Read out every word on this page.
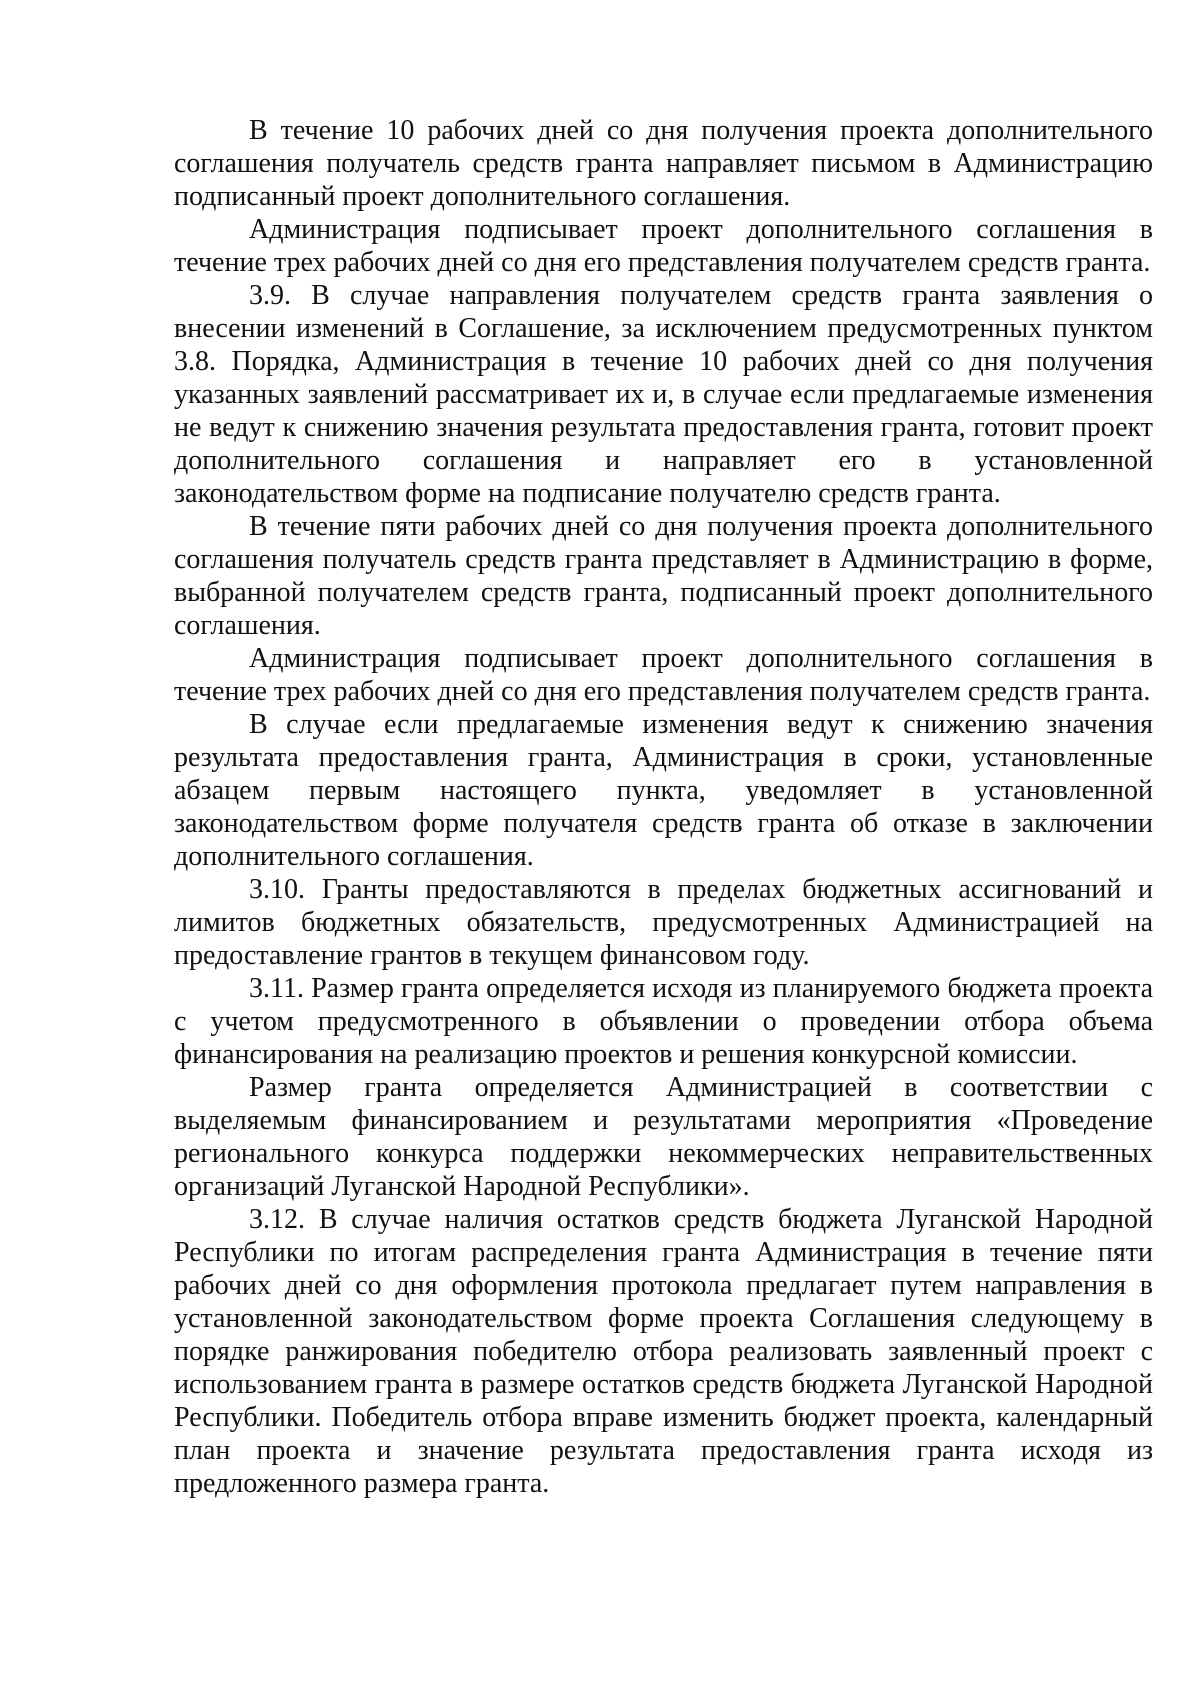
В течение 10 рабочих дней со дня получения проекта дополнительного соглашения получатель средств гранта направляет письмом в Администрацию подписанный проект дополнительного соглашения.

Администрация подписывает проект дополнительного соглашения в течение трех рабочих дней со дня его представления получателем средств гранта.

3.9. В случае направления получателем средств гранта заявления о внесении изменений в Соглашение, за исключением предусмотренных пунктом 3.8. Порядка, Администрация в течение 10 рабочих дней со дня получения указанных заявлений рассматривает их и, в случае если предлагаемые изменения не ведут к снижению значения результата предоставления гранта, готовит проект дополнительного соглашения и направляет его в установленной законодательством форме на подписание получателю средств гранта.

В течение пяти рабочих дней со дня получения проекта дополнительного соглашения получатель средств гранта представляет в Администрацию в форме, выбранной получателем средств гранта, подписанный проект дополнительного соглашения.

Администрация подписывает проект дополнительного соглашения в течение трех рабочих дней со дня его представления получателем средств гранта.

В случае если предлагаемые изменения ведут к снижению значения результата предоставления гранта, Администрация в сроки, установленные абзацем первым настоящего пункта, уведомляет в установленной законодательством форме получателя средств гранта об отказе в заключении дополнительного соглашения.

3.10. Гранты предоставляются в пределах бюджетных ассигнований и лимитов бюджетных обязательств, предусмотренных Администрацией на предоставление грантов в текущем финансовом году.

3.11. Размер гранта определяется исходя из планируемого бюджета проекта с учетом предусмотренного в объявлении о проведении отбора объема финансирования на реализацию проектов и решения конкурсной комиссии.

Размер гранта определяется Администрацией в соответствии с выделяемым финансированием и результатами мероприятия «Проведение регионального конкурса поддержки некоммерческих неправительственных организаций Луганской Народной Республики».

3.12. В случае наличия остатков средств бюджета Луганской Народной Республики по итогам распределения гранта Администрация в течение пяти рабочих дней со дня оформления протокола предлагает путем направления в установленной законодательством форме проекта Соглашения следующему в порядке ранжирования победителю отбора реализовать заявленный проект с использованием гранта в размере остатков средств бюджета Луганской Народной Республики. Победитель отбора вправе изменить бюджет проекта, календарный план проекта и значение результата предоставления гранта исходя из предложенного размера гранта.
